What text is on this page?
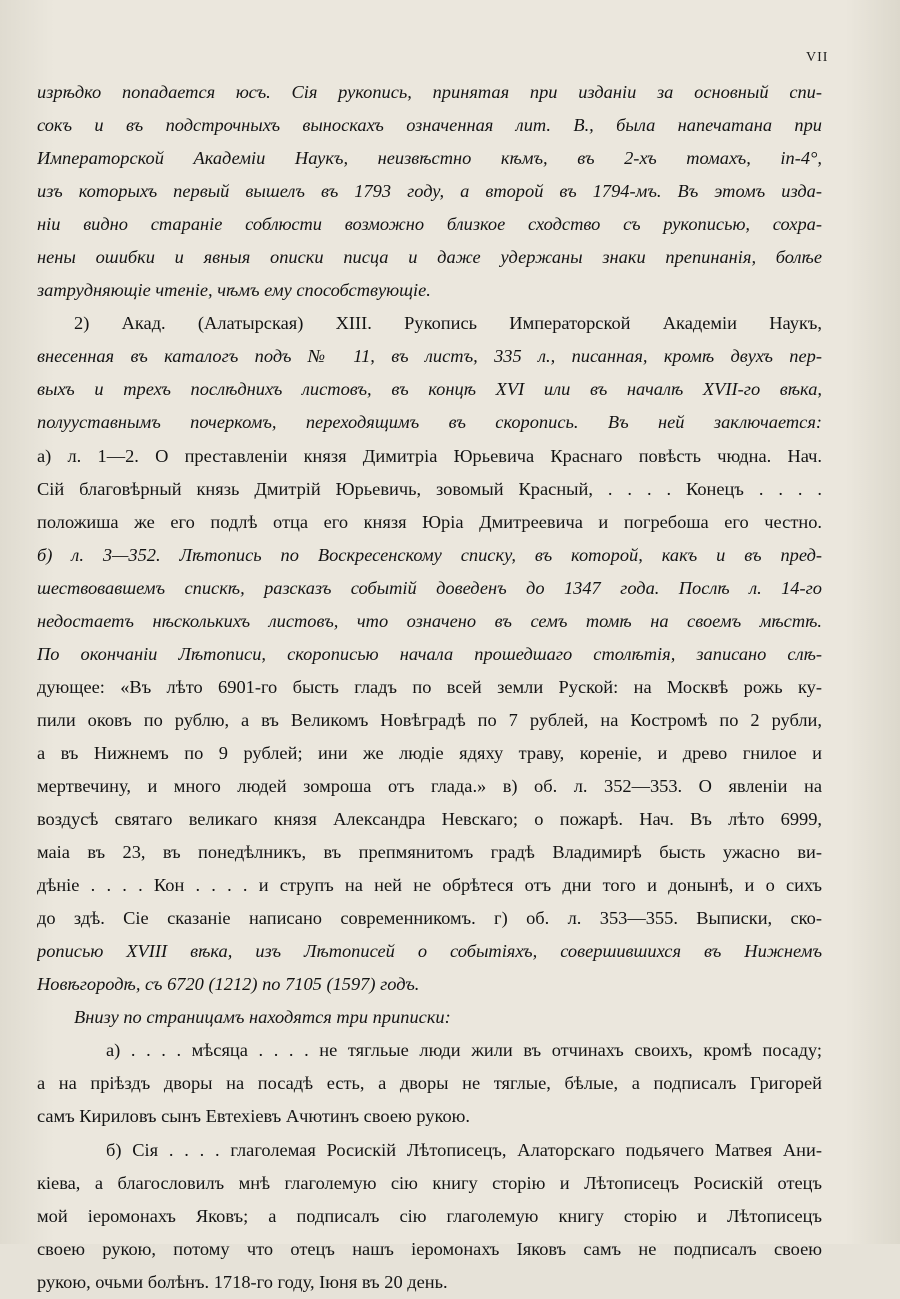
VII
изрѣдко попадается юсъ. Сія рукопись, принятая при изданіи за основный спи-
сокъ и въ подстрочныхъ выноскахъ означенная лит. В., была напечатана при
Императорской Академіи Наукъ, неизвѣстно кѣмъ, въ 2-хъ томахъ, in-4°,
изъ которыхъ первый вышелъ въ 1793 году, а второй въ 1794-мъ. Въ этомъ изда-
ніи видно стараніе соблюсти возможно близкое сходство съ рукописью, сохра-
нены ошибки и явныя описки писца и даже удержаны знаки препинанія, болѣе
затрудняющіе чтеніе, чѣмъ ему способствующіе.
2) Акад. (Алатырская) XIII. Рукопись Императорской Академіи Наукъ,
внесенная въ каталогъ подъ № 11, въ листъ, 335 л., писанная, кромѣ двухъ пер-
выхъ и трехъ послѣднихъ листовъ, въ концѣ XVI или въ началѣ XVII-го вѣка,
полууставнымъ почеркомъ, переходящимъ въ скоропись. Въ ней заключается:
а) л. 1—2. О преставленіи князя Димитріа Юрьевича Краснаго повѣсть чюдна. Нач.
Сій благовѣрный князь Дмитрій Юрьевичь, зовомый Красный, . . . . Конецъ . . . .
положиша же его подлѣ отца его князя Юріа Дмитреевича и погребоша его честно.
б) л. 3—352. Лѣтопись по Воскресенскому списку, въ которой, какъ и въ пред-
шествовавшемъ спискѣ, разсказъ событій доведенъ до 1347 года. Послѣ л. 14-го
недостаетъ нѣсколькихъ листовъ, что означено въ семъ томѣ на своемъ мѣстѣ.
По окончаніи Лѣтописи, скорописью начала прошедшаго столѣтія, записано слѣ-
дующее: «Въ лѣто 6901-го бысть гладъ по всей земли Руской: на Москвѣ рожь ку-
пили оковъ по рублю, а въ Великомъ Новѣградѣ по 7 рублей, на Костромѣ по 2 рубли,
а въ Нижнемъ по 9 рублей; ини же людіе ядяху траву, кореніе, и древо гнилое и
мертвечину, и много людей зомроша отъ глада.» в) об. л. 352—353. О явленіи на
воздусѣ святаго великаго князя Александра Невскаго; о пожарѣ. Нач. Въ лѣто 6999,
маіа въ 23, въ понедѣлникъ, въ препмянитомъ градѣ Владимирѣ бысть ужасно ви-
дѣніе . . . . Кон . . . . и струпъ на ней не обрѣтеся отъ дни того и донынѣ, и о сихъ
до здѣ. Сіе сказаніе написано современникомъ. г) об. л. 353—355. Выписки, ско-
рописью XVIII вѣка, изъ Лѣтописей о событіяхъ, совершившихся въ Нижнемъ
Новѣгородѣ, съ 6720 (1212) по 7105 (1597) годъ.
Внизу по страницамъ находятся три приписки:
а) . . . . мѣсяца . . . . не тягльые люди жили въ отчинахъ своихъ, кромѣ посаду;
а на пріѣздъ дворы на посадѣ есть, а дворы не тяглые, бѣлые, а подписалъ Григорей
самъ Кириловъ сынъ Евтехіевъ Ачютинъ своею рукою.
б) Сія . . . . глаголемая Росискій Лѣтописецъ, Алаторскаго подьячего Матвея Ани-
кіева, а благословилъ мнѣ глаголемую сію книгу сторію и Лѣтописецъ Росискій отецъ
мой іеромонахъ Яковъ; а подписалъ сію глаголемую книгу сторію и Лѣтописецъ
своею рукою, потому что отецъ нашъ іеромонахъ Іяковъ самъ не подписалъ своею
рукою, очьми болѣнъ. 1718-го году, Іюня въ 20 день.
